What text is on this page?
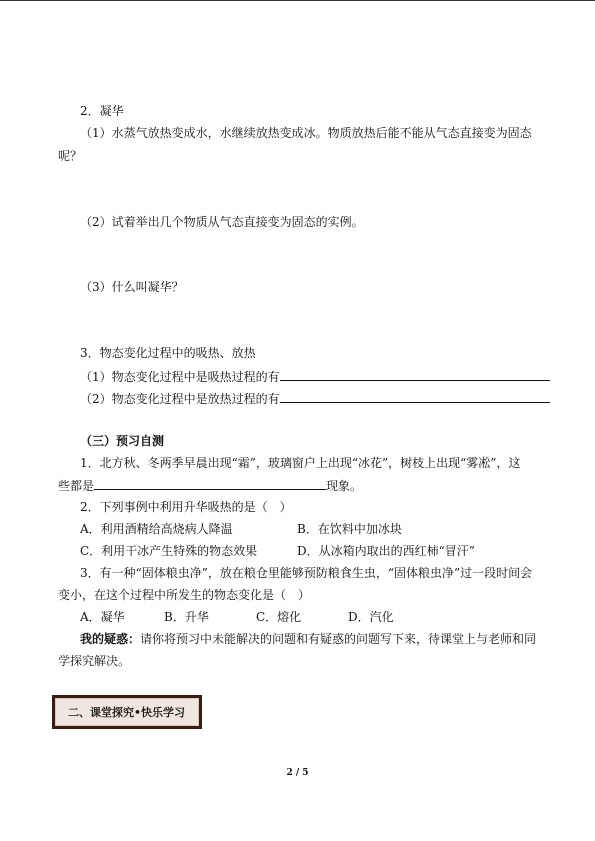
2．凝华
（1）水蒸气放热变成水，水继续放热变成冰。物质放热后能不能从气态直接变为固态
呢？
（2）试着举出几个物质从气态直接变为固态的实例。
（3）什么叫凝华？
3．物态变化过程中的吸热、放热
（1）物态变化过程中是吸热过程的有
（2）物态变化过程中是放热过程的有
（三）预习自测
1．北方秋、冬两季早晨出现“霜”，玻璃窗户上出现“冰花”，树枝上出现“雾凇”，这
些都是	现象。
2．下列事例中利用升华吸热的是（　）
A．利用酒精给高烧病人降温	B．在饮料中加冰块
C．利用干冰产生特殊的物态效果	D．从冰箱内取出的西红柿“冒汗”
3．有一种“固体粮虫净”，放在粮仓里能够预防粮食生虫，“固体粮虫净”过一段时间会
变小，在这个过程中所发生的物态变化是（　）
A．凝华	B．升华	C．熔化	D．汽化
我的疑惑：请你将预习中未能解决的问题和有疑惑的问题写下来，待课堂上与老师和同
学探究解决。
二、课堂探究•快乐学习
2 / 5
